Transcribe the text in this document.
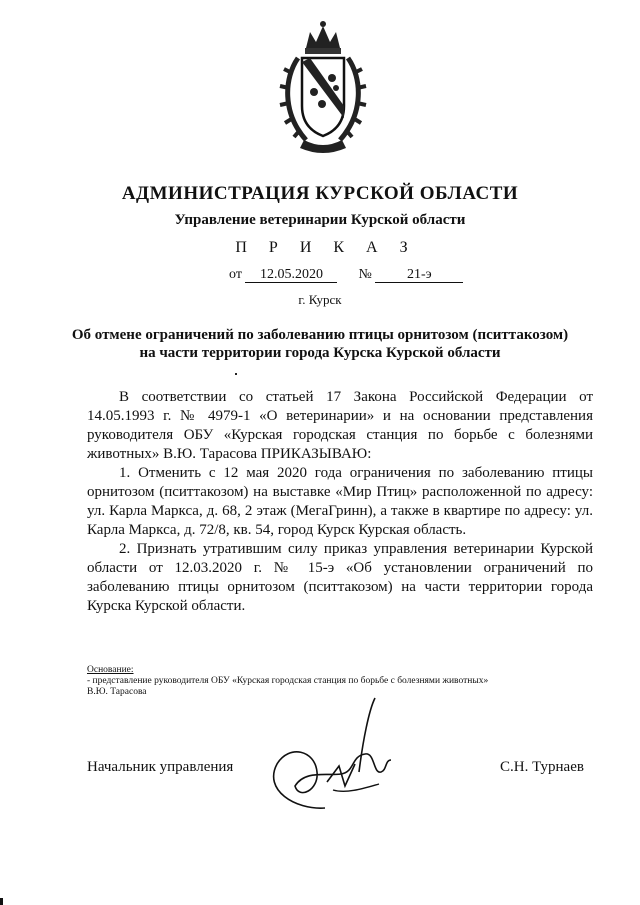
АДМИНИСТРАЦИЯ КУРСКОЙ ОБЛАСТИ
Управление ветеринарии Курской области
П Р И К А З
от 12.05.2020	№	21-э
г. Курск
Об отмене ограничений по заболеванию птицы орнитозом (пситтакозом)
на части территории города Курска Курской области

В соответствии со статьей 17 Закона Российской Федерации от 14.05.1993 г. № 4979-1 «О ветеринарии» и на основании представления руководителя ОБУ «Курская городская станция по борьбе с болезнями животных» В.Ю. Тарасова ПРИКАЗЫВАЮ:

1. Отменить с 12 мая 2020 года ограничения по заболеванию птицы орнитозом (пситтакозом) на выставке «Мир Птиц» расположенной по адресу: ул. Карла Маркса, д. 68, 2 этаж (МегаГринн), а также в квартире по адресу: ул. Карла Маркса, д. 72/8, кв. 54, город Курск Курская область.

2. Признать утратившим силу приказ управления ветеринарии Курской области от 12.03.2020 г. № 15-э «Об установлении ограничений по заболеванию птицы орнитозом (пситтакозом) на части территории города Курска Курской области.

Основание:
- представление руководителя ОБУ «Курская городская станция по борьбе с болезнями животных»
В.Ю. Тарасова
Начальник управления	С.Н. Турнаев
